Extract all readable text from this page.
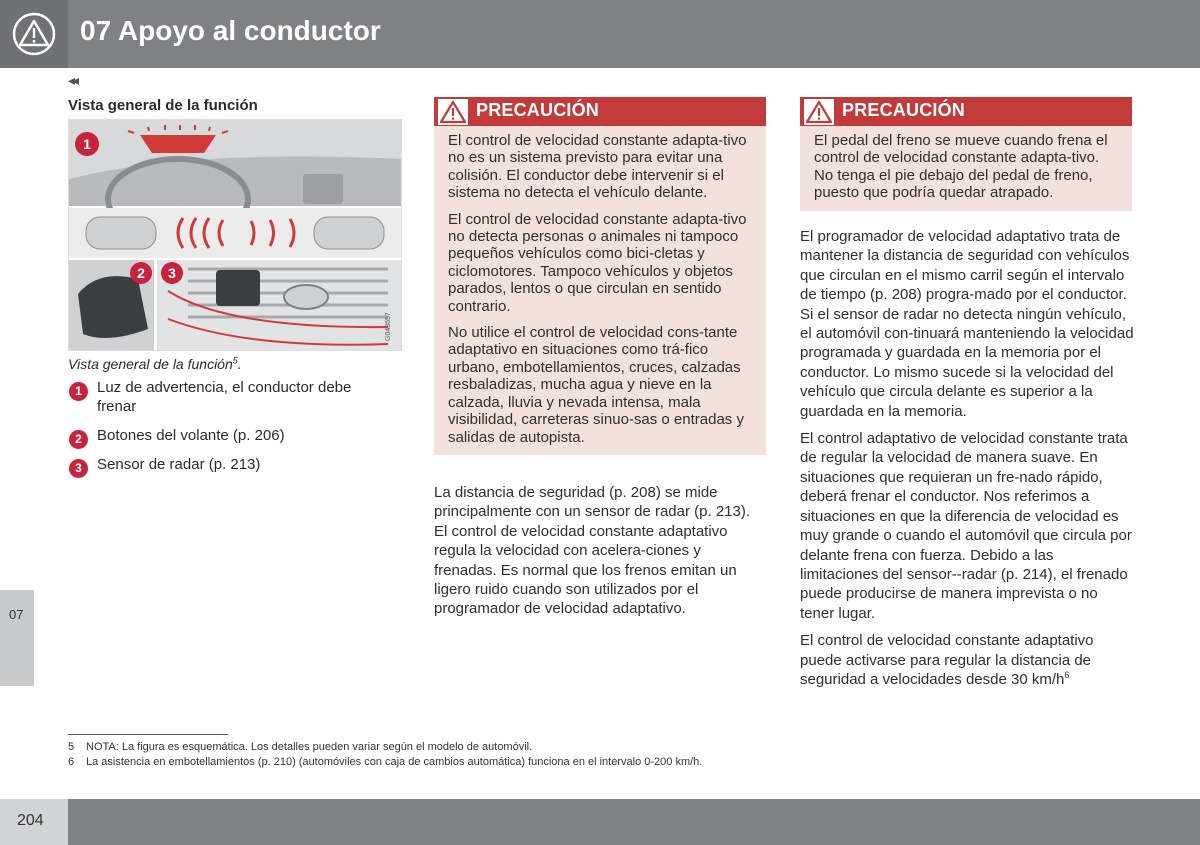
07 Apoyo al conductor
◂◂
Vista general de la función
1
2 3
G043657
Vista general de la función$^5$.
1	Luz de advertencia, el conductor debe frenar
2	Botones del volante (p. 206)
3	Sensor de radar (p. 213)
PRECAUCIÓN

El control de velocidad constante adapta-tivo no es un sistema previsto para evitar una colisión. El conductor debe intervenir si el sistema no detecta el vehículo delante.

El control de velocidad constante adapta-tivo no detecta personas o animales ni tampoco pequeños vehículos como bici-cletas y ciclomotores. Tampoco vehículos y objetos parados, lentos o que circulan en sentido contrario.

No utilice el control de velocidad cons-tante adaptativo en situaciones como trá-fico urbano, embotellamientos, cruces, calzadas resbaladizas, mucha agua y nieve en la calzada, lluvia y nevada intensa, mala visibilidad, carreteras sinuo-sas o entradas y salidas de autopista.

La distancia de seguridad (p. 208) se mide principalmente con un sensor de radar (p. 213). El control de velocidad constante adaptativo regula la velocidad con acelera-ciones y frenadas. Es normal que los frenos emitan un ligero ruido cuando son utilizados por el programador de velocidad adaptativo.

PRECAUCIÓN

El pedal del freno se mueve cuando frena el control de velocidad constante adapta-tivo. No tenga el pie debajo del pedal de freno, puesto que podría quedar atrapado.

El programador de velocidad adaptativo trata de mantener la distancia de seguridad con vehículos que circulan en el mismo carril según el intervalo de tiempo (p. 208) progra-mado por el conductor. Si el sensor de radar no detecta ningún vehículo, el automóvil con-tinuará manteniendo la velocidad programada y guardada en la memoria por el conductor. Lo mismo sucede si la velocidad del vehículo que circula delante es superior a la guardada en la memoria.

El control adaptativo de velocidad constante trata de regular la velocidad de manera suave. En situaciones que requieran un fre-nado rápido, deberá frenar el conductor. Nos referimos a situaciones en que la diferencia de velocidad es muy grande o cuando el automóvil que circula por delante frena con fuerza. Debido a las limitaciones del sensor--radar (p. 214), el frenado puede producirse de manera imprevista o no tener lugar.

El control de velocidad constante adaptativo puede activarse para regular la distancia de seguridad a velocidades desde 30 $km/h^6$

07
5 NOTA: La figura es esquemática. Los detalles pueden variar según el modelo de automóvil.
6 La asistencia en embotellamientos (p. 210) (automóviles con caja de cambios automática) funciona en el intervalo 0-200 km/h.
204
